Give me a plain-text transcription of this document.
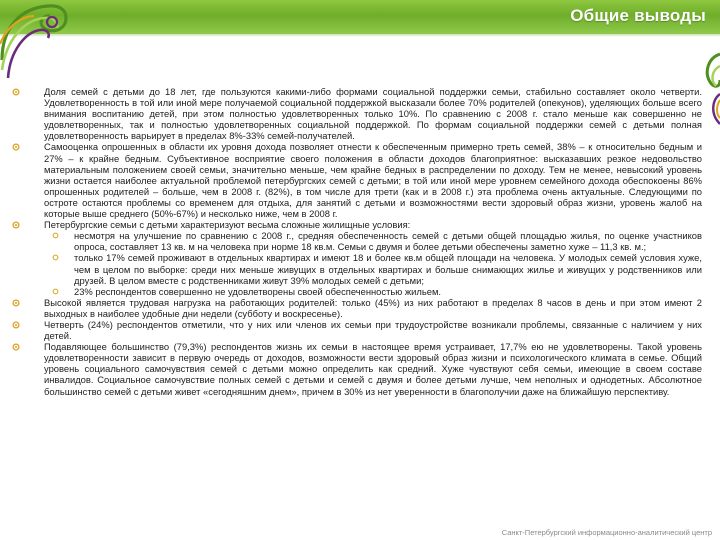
Общие выводы
Доля семей с детьми до 18 лет, где пользуются какими-либо формами социальной поддержки семьи, стабильно составляет около четверти. Удовлетворенность в той или иной мере получаемой социальной поддержкой высказали более 70% родителей (опекунов), уделяющих больше всего внимания воспитанию детей, при этом полностью удовлетворенных только 10%. По сравнению с 2008 г. стало меньше как совершенно не удовлетворенных, так и полностью удовлетворенных социальной поддержкой. По формам социальной поддержки семей с детьми полная удовлетворенность варьирует в пределах 8%-33% семей-получателей.
Самооценка опрошенных в области их уровня дохода позволяет отнести к обеспеченным примерно треть семей, 38% – к относительно бедным и 27% – к крайне бедным. Субъективное восприятие своего положения в области доходов благоприятное: высказавших резкое недовольство материальным положением своей семьи, значительно меньше, чем крайне бедных в распределении по доходу. Тем не менее, невысокий уровень жизни остается наиболее актуальной проблемой петербургских семей с детьми; в той или иной мере уровнем семейного дохода обеспокоены 86% опрошенных родителей – больше, чем в 2008 г. (82%), в том числе для трети (как и в 2008 г.) эта проблема очень актуальные. Следующими по остроте остаются проблемы со временем для отдыха, для занятий с детьми и возможностями вести здоровый образ жизни, уровень жалоб на которые выше среднего (50%-67%) и несколько ниже, чем в 2008 г.
Петербургские семьи с детьми характеризуют весьма сложные жилищные условия:
несмотря на улучшение по сравнению с 2008 г., средняя обеспеченность семей с детьми общей площадью жилья, по оценке участников опроса, составляет 13 кв. м на человека при норме 18 кв.м. Семьи с двумя и более детьми обеспечены заметно хуже – 11,3 кв. м.;
только 17% семей проживают в отдельных квартирах и имеют 18 и более кв.м общей площади на человека. У молодых семей условия хуже, чем в целом по выборке: среди них меньше живущих в отдельных квартирах и больше снимающих жилье и живущих у родственников или друзей. В целом вместе с родственниками живут 39% молодых семей с детьми;
23% респондентов совершенно не удовлетворены своей обеспеченностью жильем.
Высокой является трудовая нагрузка на работающих родителей: только (45%) из них работают в пределах 8 часов в день и при этом имеют 2 выходных в наиболее удобные дни недели (субботу и воскресенье).
Четверть (24%) респондентов отметили, что у них или членов их семьи при трудоустройстве возникали проблемы, связанные с наличием у них детей.
Подавляющее большинство (79,3%) респондентов жизнь их семьи в настоящее время устраивает, 17,7% ею не удовлетворены. Такой уровень удовлетворенности зависит в первую очередь от доходов, возможности вести здоровый образ жизни и психологического климата в семье. Общий уровень социального самочувствия семей с детьми можно определить как средний. Хуже чувствуют себя семьи, имеющие в своем составе инвалидов. Социальное самочувствие полных семей с детьми и семей с двумя и более детьми лучше, чем неполных и однодетных. Абсолютное большинство семей с детьми живет «сегодняшним днем», причем в 30% из нет уверенности в благополучии даже на ближайшую перспективу.
Санкт-Петербургский информационно-аналитический центр
